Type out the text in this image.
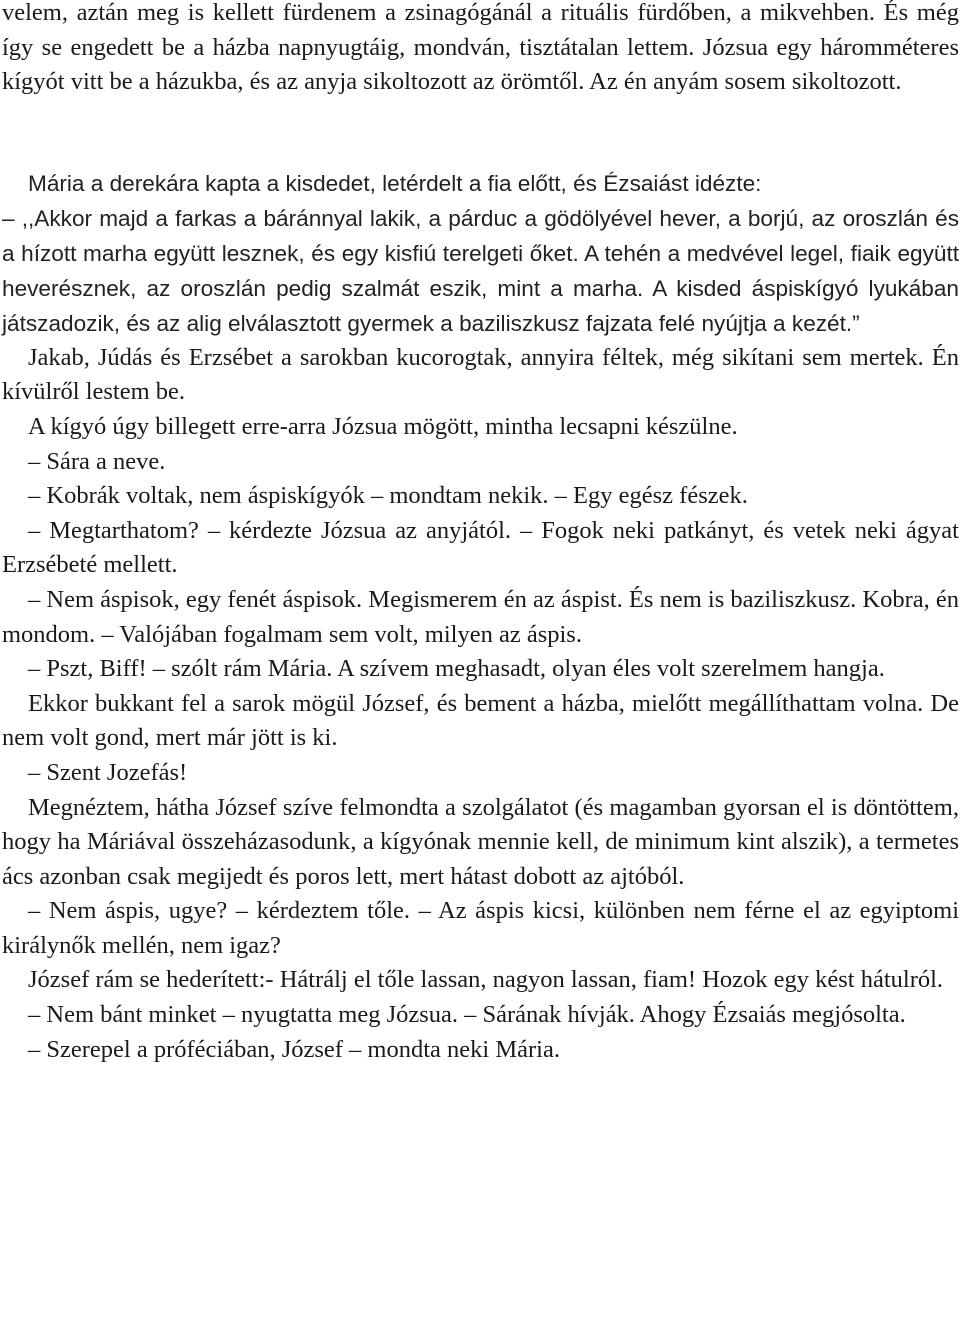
velem, aztán meg is kellett fürdenem a zsinagógánál a rituális fürdőben, a mikvehben. És még így se engedett be a házba napnyugtáig, mondván, tisztátalan lettem. Józsua egy háromméteres kígyót vitt be a házukba, és az anyja sikoltozott az örömtől. Az én anyám sosem sikoltozott.

Mária a derekára kapta a kisdedet, letérdelt a fia előtt, és Ézsaiást idézte:

– ,,Akkor majd a farkas a báránnyal lakik, a párduc a gödölyével hever, a borjú, az oroszlán és a hízott marha együtt lesznek, és egy kisfiú terelgeti őket. A tehén a medvével legel, fiaik együtt heverésznek, az oroszlán pedig szalmát eszik, mint a marha. A kisded áspiskígyó lyukában játszadozik, és az alig elválasztott gyermek a baziliszkusz fajzata felé nyújtja a kezét.”

Jakab, Júdás és Erzsébet a sarokban kucorogtak, annyira féltek, még sikítani sem mertek. Én kívülről lestem be.

A kígyó úgy billegett erre-arra Józsua mögött, mintha lecsapni készülne.

– Sára a neve.

– Kobrák voltak, nem áspiskígyók – mondtam nekik. – Egy egész fészek.

– Megtarthatom? – kérdezte Józsua az anyjától. – Fogok neki patkányt, és vetek neki ágyat Erzsébeté mellett.

– Nem áspisok, egy fenét áspisok. Megismerem én az áspist. És nem is baziliszkusz. Kobra, én mondom. – Valójában fogalmam sem volt, milyen az áspis.

– Pszt, Biff! – szólt rám Mária. A szívem meghasadt, olyan éles volt szerelmem hangja.

Ekkor bukkant fel a sarok mögül József, és bement a házba, mielőtt megállíthattam volna. De nem volt gond, mert már jött is ki.

– Szent Jozefás!

Megnéztem, hátha József szíve felmondta a szolgálatot (és magamban gyorsan el is döntöttem, hogy ha Máriával összeházasodunk, a kígyónak mennie kell, de minimum kint alszik), a termetes ács azonban csak megijedt és poros lett, mert hátast dobott az ajtóból.

– Nem áspis, ugye? – kérdeztem tőle. – Az áspis kicsi, különben nem férne el az egyiptomi királynők mellén, nem igaz?

József rám se hederített:- Hátrálj el tőle lassan, nagyon lassan, fiam! Hozok egy kést hátulról.

– Nem bánt minket – nyugtatta meg Józsua. – Sárának hívják. Ahogy Ézsaiás megjósolta.

– Szerepel a próféciában, József – mondta neki Mária.
